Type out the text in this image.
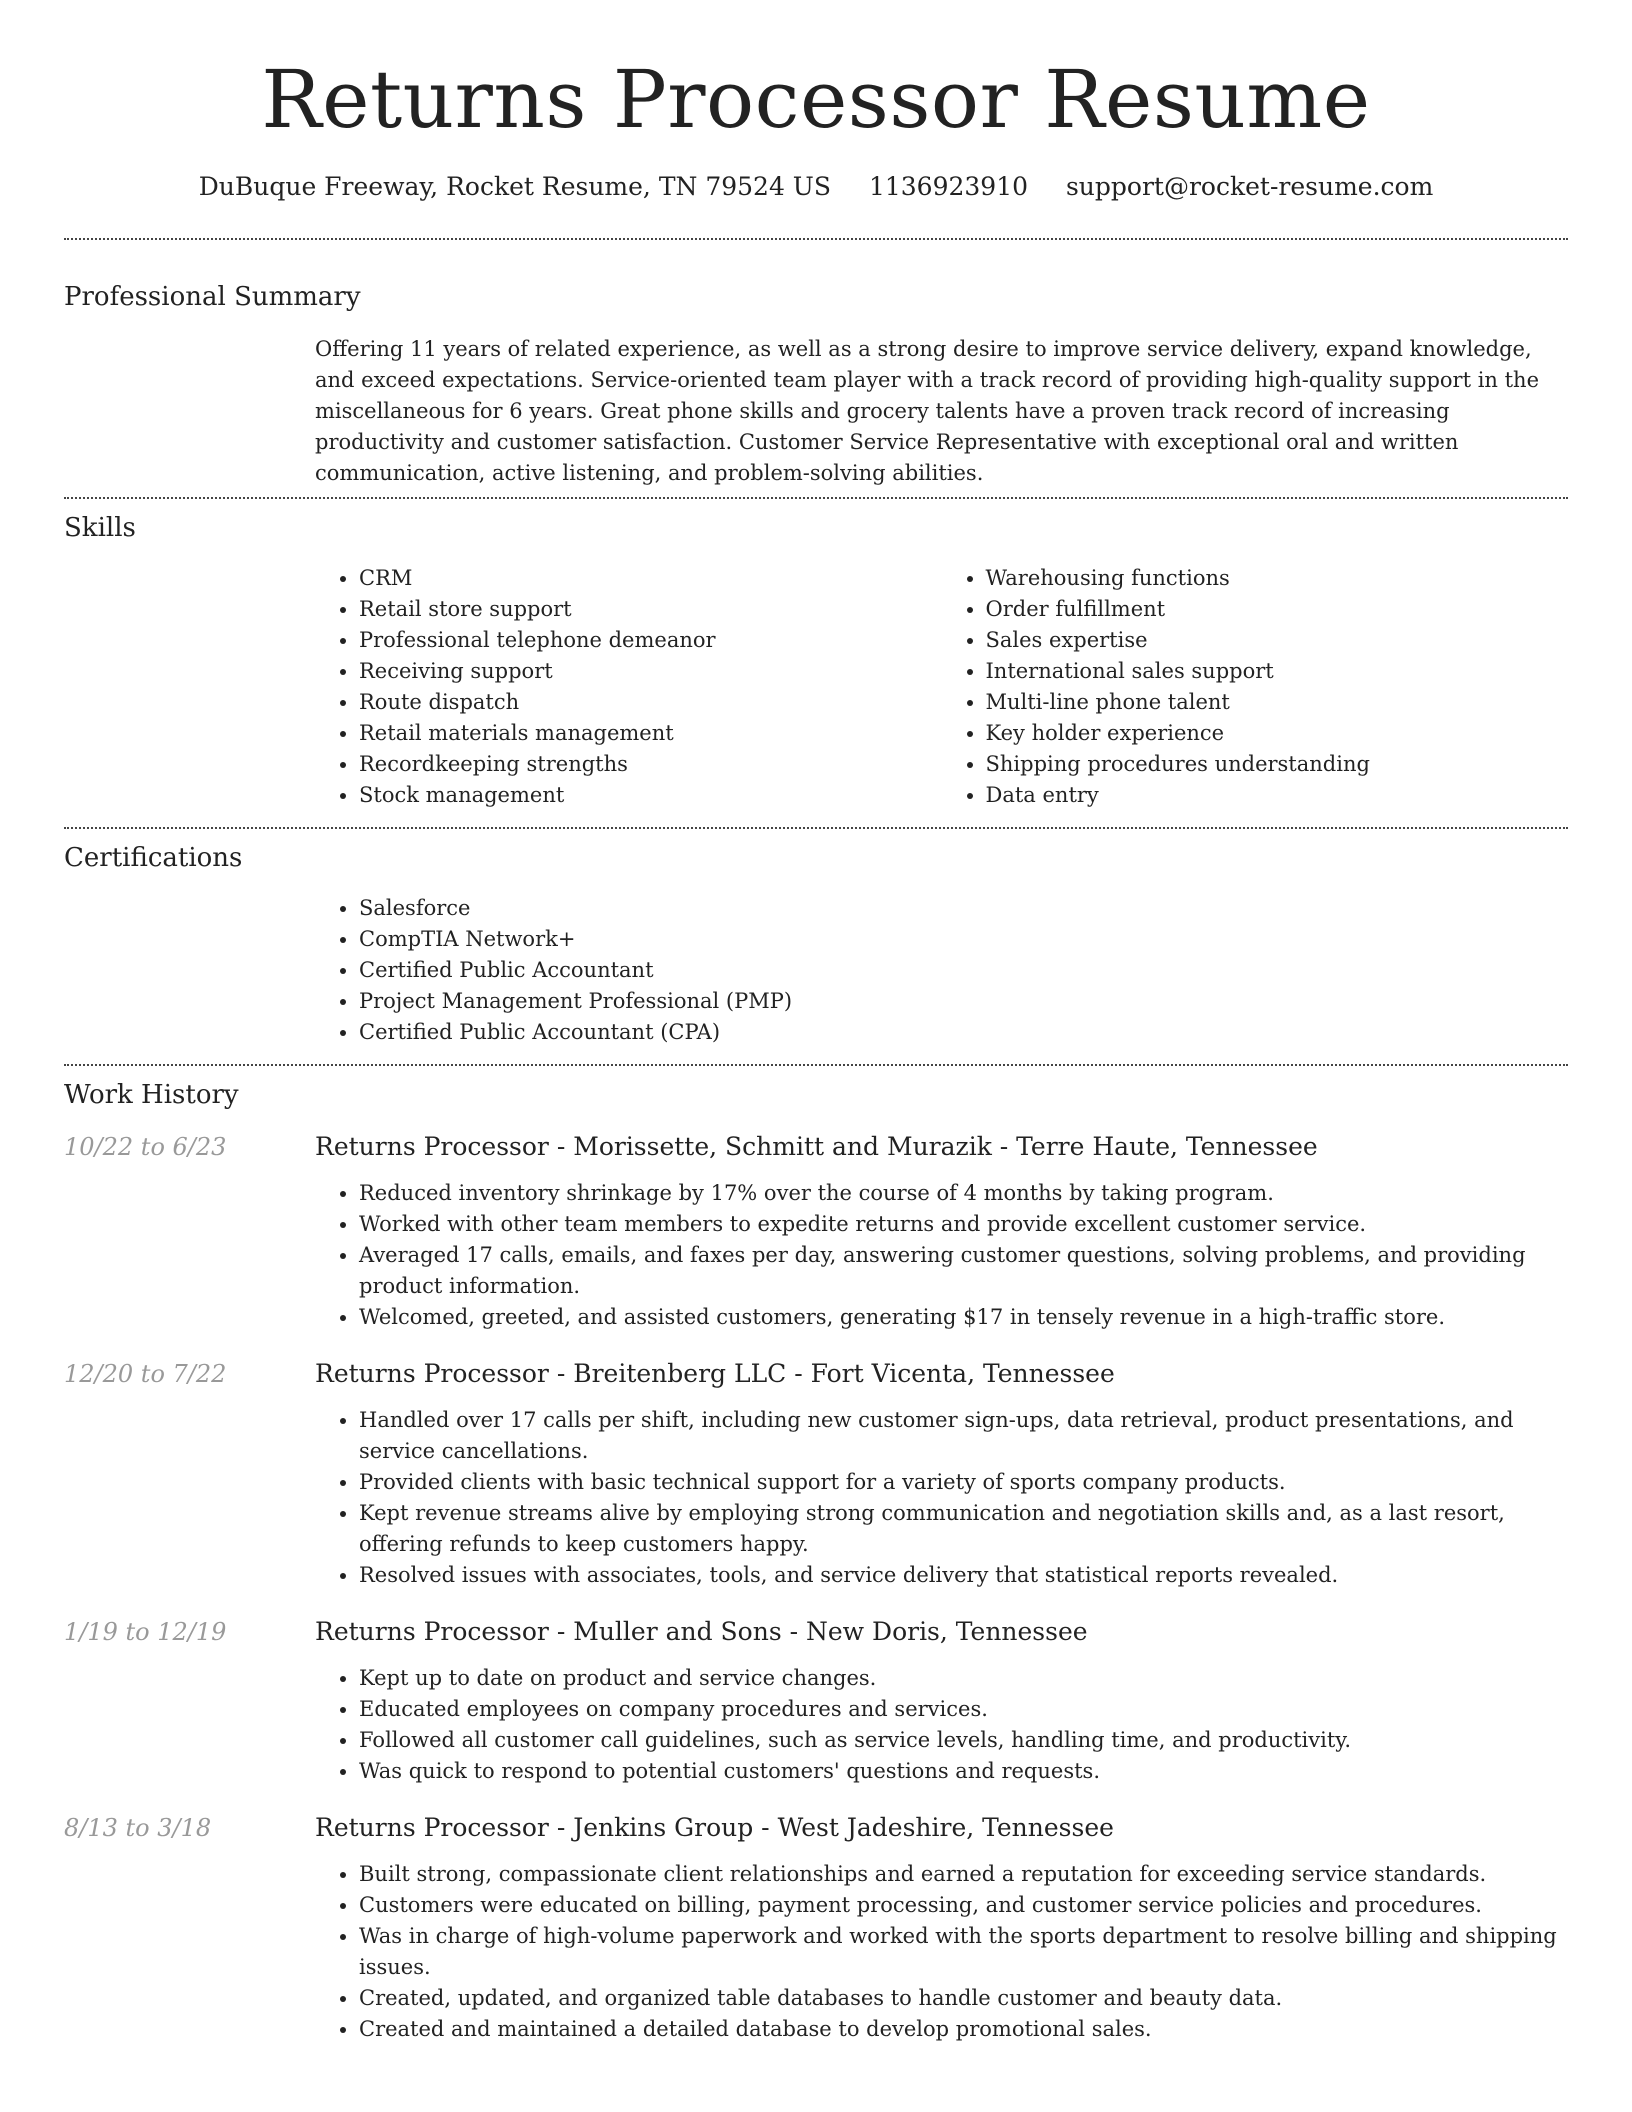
Returns Processor Resume
DuBuque Freeway, Rocket Resume, TN 79524 US 1136923910 support@rocket-resume.com
Professional Summary

Offering 11 years of related experience, as well as a strong desire to improve service delivery, expand knowledge, and exceed expectations. Service-oriented team player with a track record of providing high-quality support in the miscellaneous for 6 years. Great phone skills and grocery talents have a proven track record of increasing productivity and customer satisfaction. Customer Service Representative with exceptional oral and written communication, active listening, and problem-solving abilities.

Skills
• CRM
• Retail store support
• Professional telephone demeanor
• Receiving support
• Route dispatch
• Retail materials management
• Recordkeeping strengths
• Stock management
• Warehousing functions
• Order fulfillment
• Sales expertise
• International sales support
• Multi-line phone talent
• Key holder experience
• Shipping procedures understanding
• Data entry
Certifications
• Salesforce
• CompTIA Network+
• Certified Public Accountant
• Project Management Professional (PMP)
• Certified Public Accountant (CPA)
Work History
10/22 to 6/23	Returns Processor - Morissette, Schmitt and Murazik - Terre Haute, Tennessee
• Reduced inventory shrinkage by 17% over the course of 4 months by taking program.
• Worked with other team members to expedite returns and provide excellent customer service.
• Averaged 17 calls, emails, and faxes per day, answering customer questions, solving problems, and providing product information.
• Welcomed, greeted, and assisted customers, generating $17 in tensely revenue in a high-traffic store.
12/20 to 7/22	Returns Processor - Breitenberg LLC - Fort Vicenta, Tennessee
• Handled over 17 calls per shift, including new customer sign-ups, data retrieval, product presentations, and service cancellations.
• Provided clients with basic technical support for a variety of sports company products.
• Kept revenue streams alive by employing strong communication and negotiation skills and, as a last resort, offering refunds to keep customers happy.
• Resolved issues with associates, tools, and service delivery that statistical reports revealed.
1/19 to 12/19	Returns Processor - Muller and Sons - New Doris, Tennessee
• Kept up to date on product and service changes.
• Educated employees on company procedures and services.
• Followed all customer call guidelines, such as service levels, handling time, and productivity.
• Was quick to respond to potential customers' questions and requests.
8/13 to 3/18	Returns Processor - Jenkins Group - West Jadeshire, Tennessee
• Built strong, compassionate client relationships and earned a reputation for exceeding service standards.
• Customers were educated on billing, payment processing, and customer service policies and procedures.
• Was in charge of high-volume paperwork and worked with the sports department to resolve billing and shipping issues.
• Created, updated, and organized table databases to handle customer and beauty data.
• Created and maintained a detailed database to develop promotional sales.
